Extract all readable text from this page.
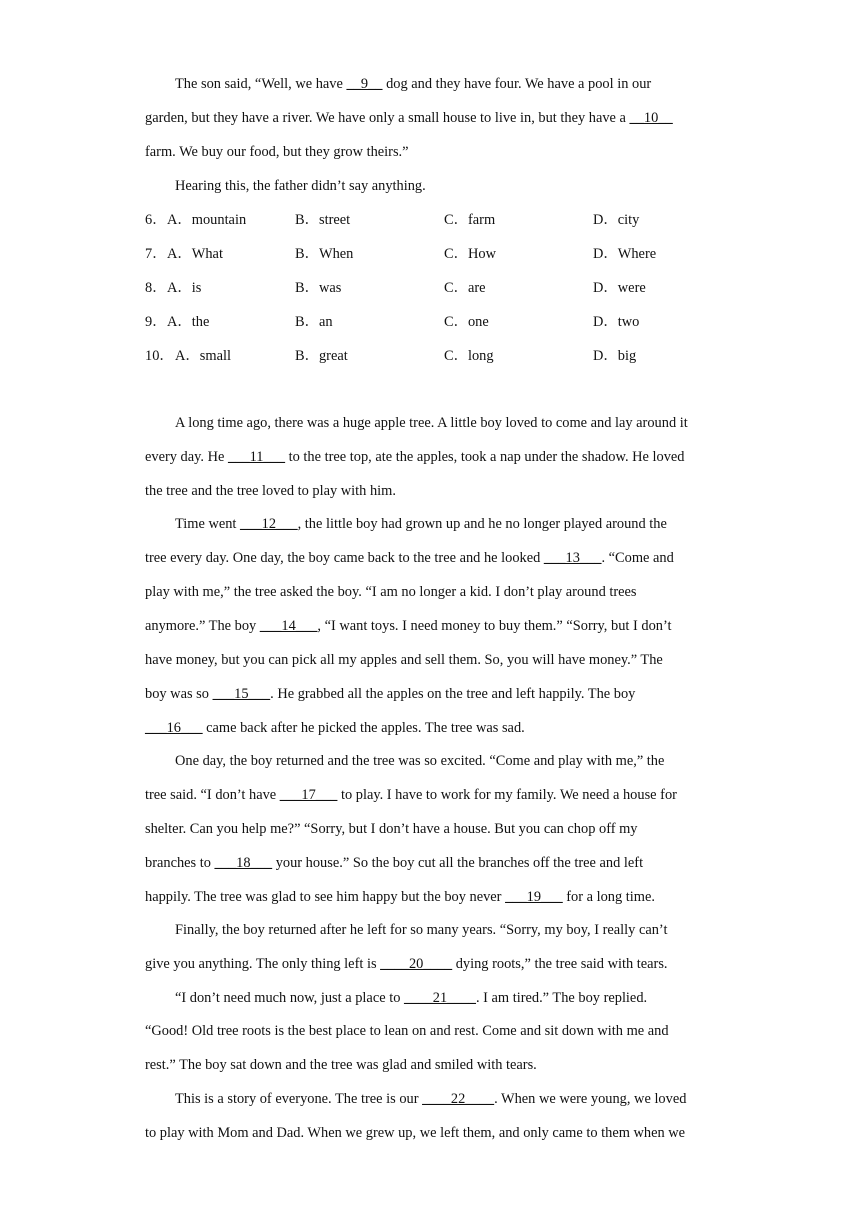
The son said, “Well, we have __9__ dog and they have four. We have a pool in our
garden, but they have a river. We have only a small house to live in, but they have a __10__
farm. We buy our food, but they grow theirs.”
Hearing this, the father didn’t say anything.
6． A．mountain	B．street	C．farm	D．city
7． A．What	B．When	C．How	D．Where
8． A．is	B．was	C．are	D．were
9． A．the	B．an	C．one	D．two
10． A．small	B．great	C．long	D．big
A long time ago, there was a huge apple tree. A little boy loved to come and lay around it
every day. He ___11___ to the tree top, ate the apples, took a nap under the shadow. He loved
the tree and the tree loved to play with him.
Time went ___12___, the little boy had grown up and he no longer played around the
tree every day. One day, the boy came back to the tree and he looked ___13___. “Come and
play with me,” the tree asked the boy. “I am no longer a kid. I don’t play around trees
anymore.” The boy ___14___, “I want toys. I need money to buy them.” “Sorry, but I don’t
have money, but you can pick all my apples and sell them. So, you will have money.” The
boy was so ___15___. He grabbed all the apples on the tree and left happily. The boy
___16___ came back after he picked the apples. The tree was sad.
One day, the boy returned and the tree was so excited. “Come and play with me,” the
tree said. “I don’t have ___17___ to play. I have to work for my family. We need a house for
shelter. Can you help me?” “Sorry, but I don’t have a house. But you can chop off my
branches to ___18___ your house.” So the boy cut all the branches off the tree and left
happily. The tree was glad to see him happy but the boy never ___19___ for a long time.
Finally, the boy returned after he left for so many years. “Sorry, my boy, I really can’t
give you anything. The only thing left is ____20____ dying roots,” the tree said with tears.
“I don’t need much now, just a place to ____21____. I am tired.” The boy replied.
“Good! Old tree roots is the best place to lean on and rest. Come and sit down with me and
rest.” The boy sat down and the tree was glad and smiled with tears.
This is a story of everyone. The tree is our ____22____. When we were young, we loved
to play with Mom and Dad. When we grew up, we left them, and only came to them when we
